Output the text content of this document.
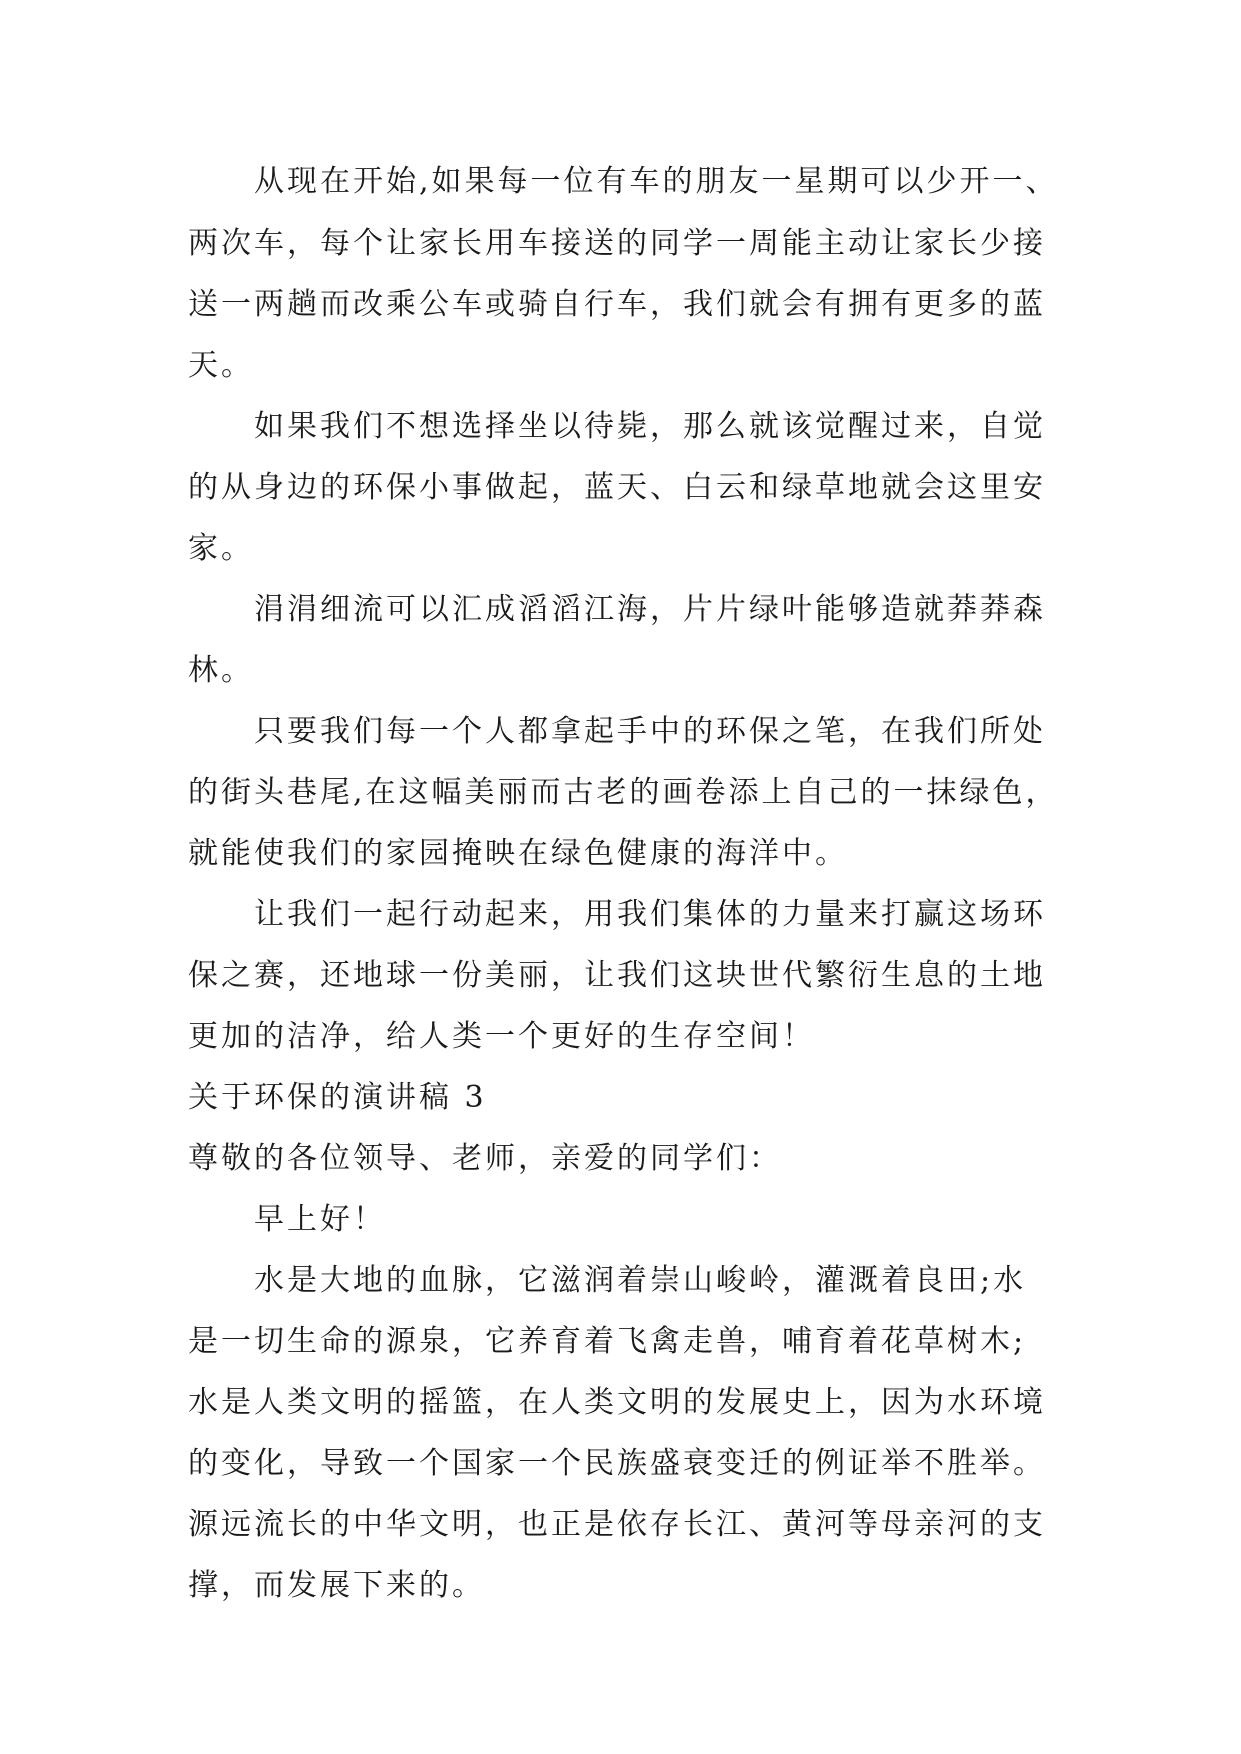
从现在开始,如果每一位有车的朋友一星期可以少开一、
两次车，每个让家长用车接送的同学一周能主动让家长少接
送一两趟而改乘公车或骑自行车，我们就会有拥有更多的蓝
天。
如果我们不想选择坐以待毙，那么就该觉醒过来，自觉
的从身边的环保小事做起，蓝天、白云和绿草地就会这里安
家。
涓涓细流可以汇成滔滔江海，片片绿叶能够造就莽莽森
林。
只要我们每一个人都拿起手中的环保之笔，在我们所处
的街头巷尾,在这幅美丽而古老的画卷添上自己的一抹绿色，
就能使我们的家园掩映在绿色健康的海洋中。
让我们一起行动起来，用我们集体的力量来打赢这场环
保之赛，还地球一份美丽，让我们这块世代繁衍生息的土地
更加的洁净，给人类一个更好的生存空间！
关于环保的演讲稿 3
尊敬的各位领导、老师，亲爱的同学们：
早上好！
水是大地的血脉，它滋润着崇山峻岭，灌溉着良田;水
是一切生命的源泉，它养育着飞禽走兽，哺育着花草树木;
水是人类文明的摇篮，在人类文明的发展史上，因为水环境
的变化，导致一个国家一个民族盛衰变迁的例证举不胜举。
源远流长的中华文明，也正是依存长江、黄河等母亲河的支
撑，而发展下来的。
